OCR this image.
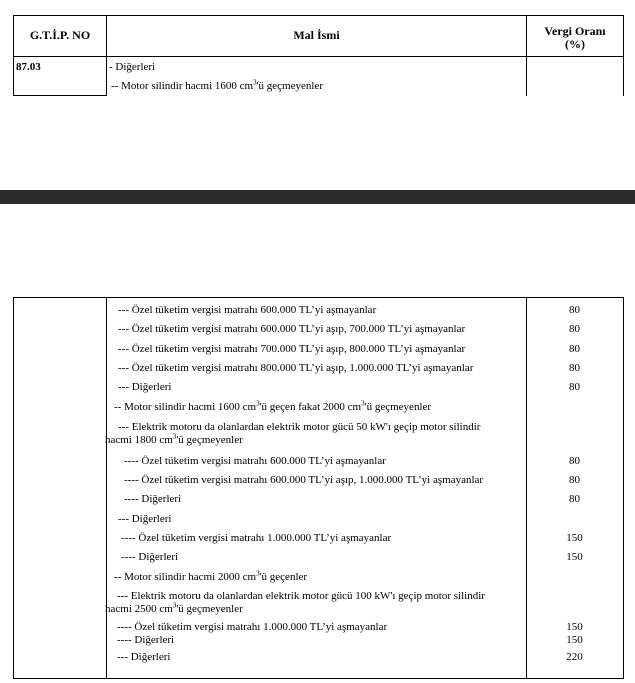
G.T.İ.P. NO	Mal İsmi	Vergi Oranı
(%)
87.03	- Diğerleri
-- Motor silindir hacmi 1600 $cm^3'ü$ geçmeyenler
--- Özel tüketim vergisi matrahı 600.000 TL’yi aşmayanlar	80
--- Özel tüketim vergisi matrahı 600.000 TL’yi aşıp, 700.000 TL’yi aşmayanlar	80
--- Özel tüketim vergisi matrahı 700.000 TL’yi aşıp, 800.000 TL’yi aşmayanlar	80
--- Özel tüketim vergisi matrahı 800.000 TL’yi aşıp, 1.000.000 TL’yi aşmayanlar	80
--- Diğerleri	80
-- Motor silindir hacmi 1600 $cm^3'ü$ geçen fakat 2000 $cm^3'ü$ geçmeyenler
--- Elektrik motoru da olanlardan elektrik motor gücü 50 kW'ı geçip motor silindir
hacmi 1800 $cm^3'ü$ geçmeyenler
---- Özel tüketim vergisi matrahı 600.000 TL’yi aşmayanlar	80
---- Özel tüketim vergisi matrahı 600.000 TL’yi aşıp, 1.000.000 TL’yi aşmayanlar	80
---- Diğerleri	80
--- Diğerleri
---- Özel tüketim vergisi matrahı 1.000.000 TL’yi aşmayanlar	150
---- Diğerleri	150
-- Motor silindir hacmi 2000 $cm^3'ü$ geçenler
--- Elektrik motoru da olanlardan elektrik motor gücü 100 kW'ı geçip motor silindir
hacmi 2500 $cm^3'ü$ geçmeyenler
---- Özel tüketim vergisi matrahı 1.000.000 TL’yi aşmayanlar	150
---- Diğerleri	150
--- Diğerleri	220
